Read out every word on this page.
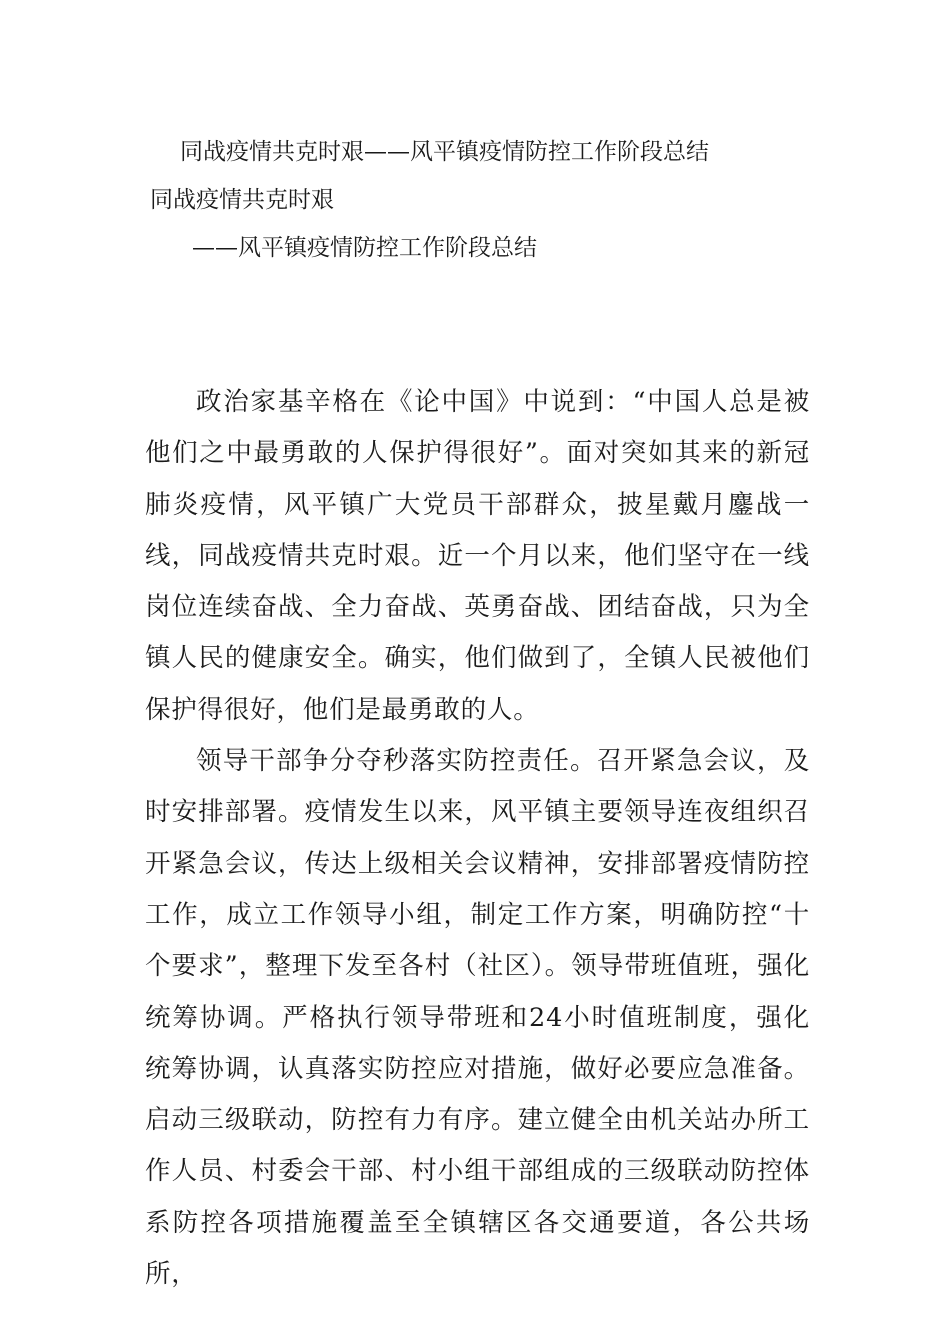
同战疫情共克时艰——风平镇疫情防控工作阶段总结
同战疫情共克时艰
——风平镇疫情防控工作阶段总结

政治家基辛格在《论中国》中说到：“中国人总是被他们之中最勇敢的人保护得很好”。面对突如其来的新冠肺炎疫情，风平镇广大党员干部群众，披星戴月鏖战一线，同战疫情共克时艰。近一个月以来，他们坚守在一线岗位连续奋战、全力奋战、英勇奋战、团结奋战，只为全镇人民的健康安全。确实，他们做到了，全镇人民被他们保护得很好，他们是最勇敢的人。

领导干部争分夺秒落实防控责任。召开紧急会议，及时安排部署。疫情发生以来，风平镇主要领导连夜组织召开紧急会议，传达上级相关会议精神，安排部署疫情防控工作，成立工作领导小组，制定工作方案，明确防控“十个要求”，整理下发至各村（社区）。领导带班值班，强化统筹协调。严格执行领导带班和24小时值班制度，强化统筹协调，认真落实防控应对措施，做好必要应急准备。启动三级联动，防控有力有序。建立健全由机关站办所工作人员、村委会干部、村小组干部组成的三级联动防控体系防控各项措施覆盖至全镇辖区各交通要道，各公共场所，
